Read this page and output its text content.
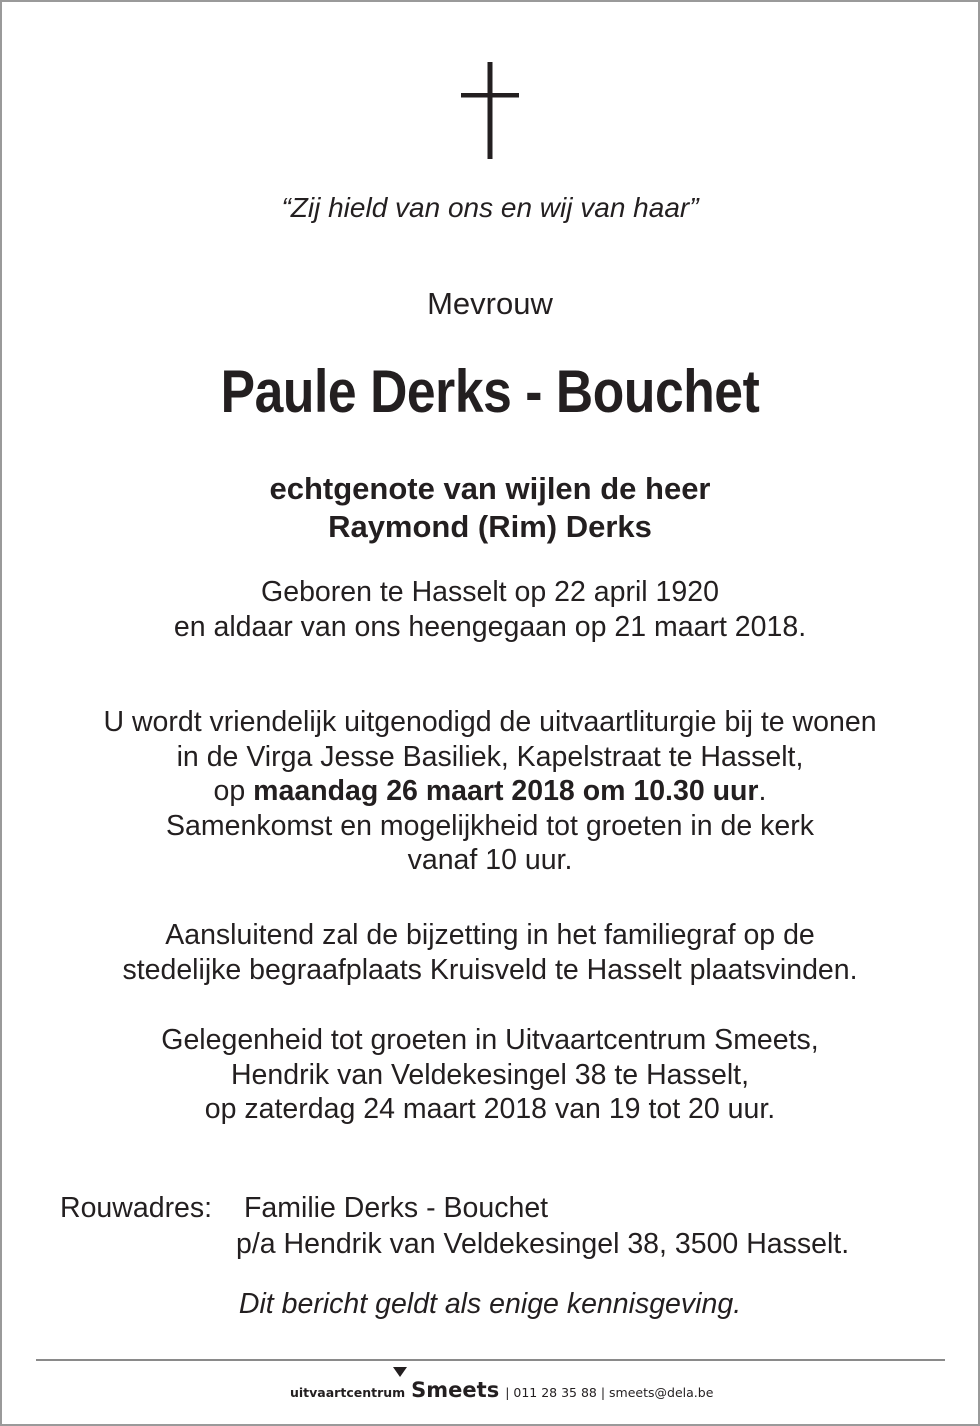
“Zij hield van ons en wij van haar”
Mevrouw
Paule Derks - Bouchet
echtgenote van wijlen de heer
Raymond (Rim) Derks
Geboren te Hasselt op 22 april 1920
en aldaar van ons heengegaan op 21 maart 2018.
U wordt vriendelijk uitgenodigd de uitvaartliturgie bij te wonen
in de Virga Jesse Basiliek, Kapelstraat te Hasselt,
op maandag 26 maart 2018 om 10.30 uur.
Samenkomst en mogelijkheid tot groeten in de kerk
vanaf 10 uur.
Aansluitend zal de bijzetting in het familiegraf op de
stedelijke begraafplaats Kruisveld te Hasselt plaatsvinden.
Gelegenheid tot groeten in Uitvaartcentrum Smeets,
Hendrik van Veldekesingel 38 te Hasselt,
op zaterdag 24 maart 2018 van 19 tot 20 uur.
Rouwadres: Familie Derks - Bouchet
p/a Hendrik van Veldekesingel 38, 3500 Hasselt.
Dit bericht geldt als enige kennisgeving.
uitvaartcentrum Smeets | 011 28 35 88 | smeets@dela.be
